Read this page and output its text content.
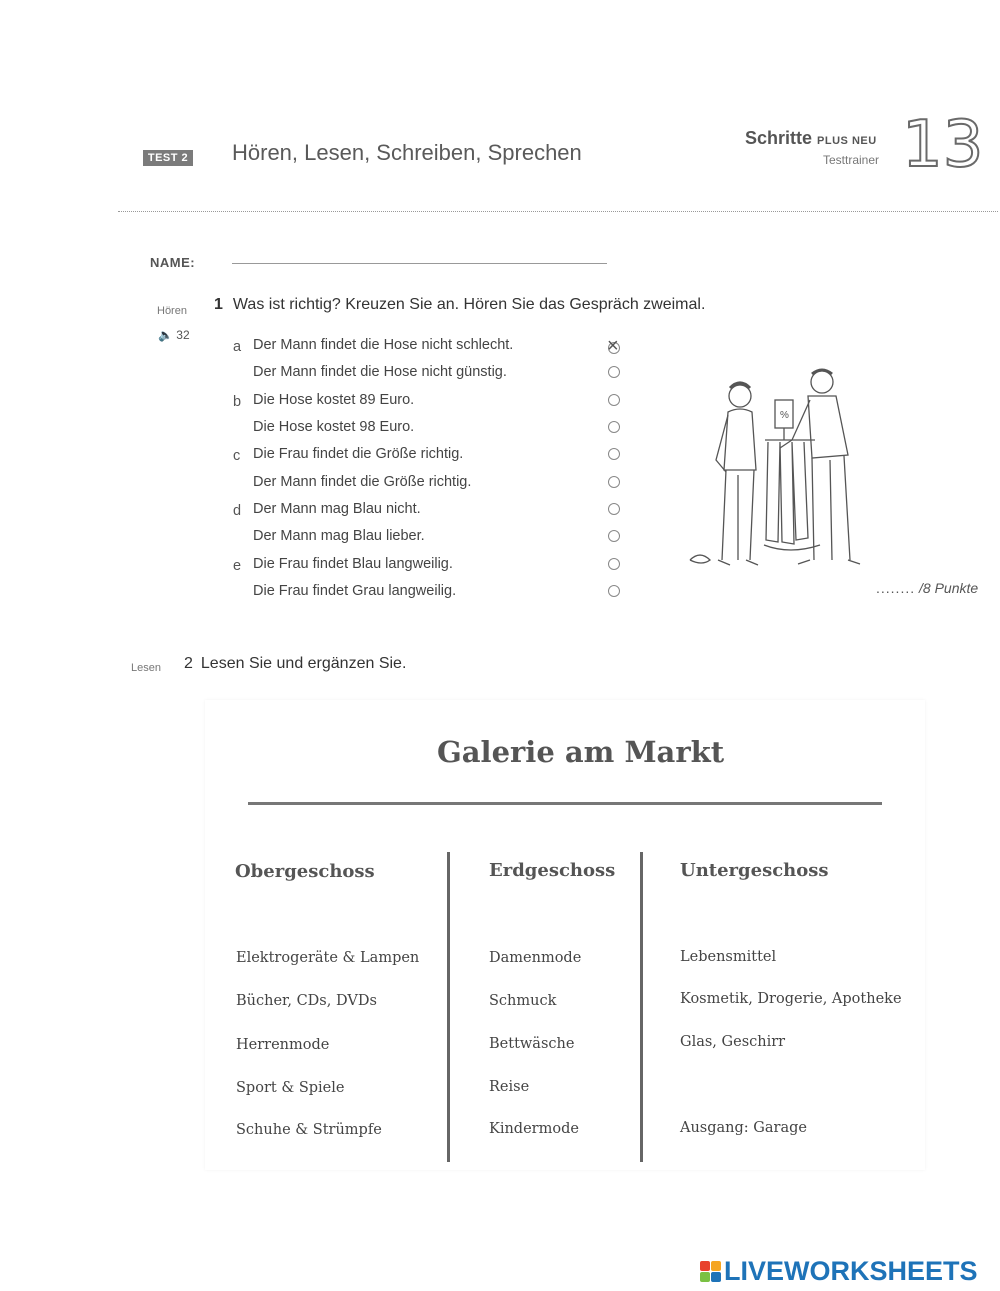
TEST 2 Hören, Lesen, Schreiben, Sprechen
Schritte PLUS NEU
Testtrainer 13
NAME:
Hören
🔈 32
1 Was ist richtig? Kreuzen Sie an. Hören Sie das Gespräch zweimal.
a Der Mann findet die Hose nicht schlecht.
×
Der Mann findet die Hose nicht günstig.
b Die Hose kostet 89 Euro.
Die Hose kostet 98 Euro.
c Die Frau findet die Größe richtig.
Der Mann findet die Größe richtig.
d Der Mann mag Blau nicht.
Der Mann mag Blau lieber.
e Die Frau findet Blau langweilig.
Die Frau findet Grau langweilig.
%
........ /8 Punkte
Lesen 2 Lesen Sie und ergänzen Sie.
Galerie am Markt
Obergeschoss
Elektrogeräte & Lampen
Bücher, CDs, DVDs
Herrenmode
Sport & Spiele
Schuhe & Strümpfe
Erdgeschoss
Damenmode
Schmuck
Bettwäsche
Reise
Kindermode
Untergeschoss
Lebensmittel
Kosmetik, Drogerie, Apotheke
Glas, Geschirr
Ausgang: Garage
LIVEWORKSHEETS
